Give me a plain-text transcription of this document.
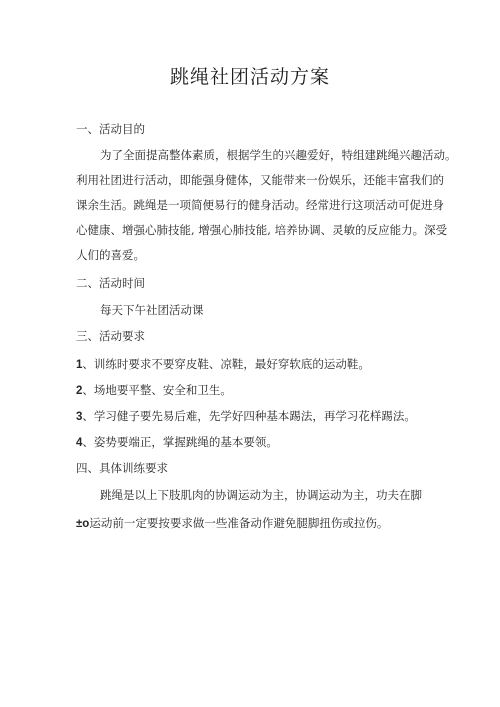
跳绳社团活动方案
一、活动目的
为了全面提高整体素质，根据学生的兴趣爱好，特组建跳绳兴趣活动。
利用社团进行活动，即能强身健体，又能带来一份娱乐，还能丰富我们的
课余生活。跳绳是一项简便易行的健身活动。经常进行这项活动可促进身
心健康、增强心肺技能, 增强心肺技能, 培养协调、灵敏的反应能力。深受
人们的喜爱。
二、活动时间
每天下午社团活动课
三、活动要求
1、训练时要求不要穿皮鞋、凉鞋，最好穿软底的运动鞋。
2、场地要平整、安全和卫生。
3、学习健子要先易后难，先学好四种基本踢法，再学习花样踢法。
4、姿势要端正，掌握跳绳的基本要领。
四、具体训练要求
跳绳是以上下肢肌肉的协调运动为主，协调运动为主，功夫在脚
±o运动前一定要按要求做一些准备动作避免腿脚扭伤或拉伤。
